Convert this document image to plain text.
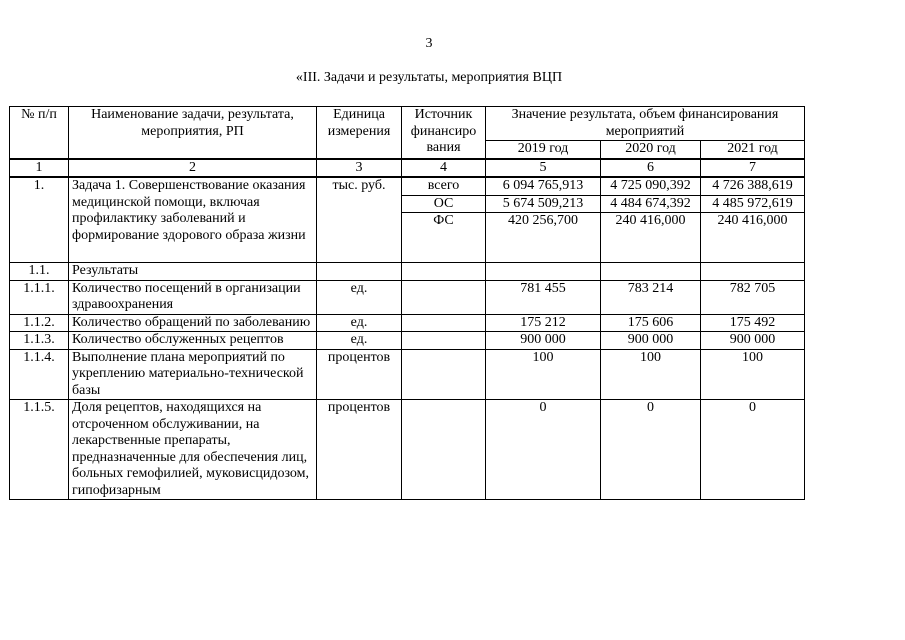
3
«III. Задачи и результаты, мероприятия ВЦП
№ п/п	Наименование задачи, результата, мероприятия, РП	Единица измерения	Источник финансиро вания	Значение результата, объем финансирования мероприятий		
				2019 год	2020 год	2021 год
1	2	3	4	5	6	7
1.	Задача 1. Совершенствование оказания медицинской помощи, включая профилактику заболеваний и формирование здорового образа жизни	тыс. руб.	всего	6 094 765,913	4 725 090,392	4 726 388,619
			ОС	5 674 509,213	4 484 674,392	4 485 972,619
			ФС	420 256,700	240 416,000	240 416,000
1.1.	Результаты					
1.1.1.	Количество посещений в организации здравоохранения	ед.		781 455	783 214	782 705
1.1.2.	Количество обращений по заболеванию	ед.		175 212	175 606	175 492
1.1.3.	Количество обслуженных рецептов	ед.		900 000	900 000	900 000
1.1.4.	Выполнение плана мероприятий по укреплению материально-технической базы	процентов		100	100	100
1.1.5.	Доля рецептов, находящихся на отсроченном обслуживании, на лекарственные препараты, предназначенные для обеспечения лиц, больных гемофилией, муковисцидозом, гипофизарным	процентов		0	0	0
